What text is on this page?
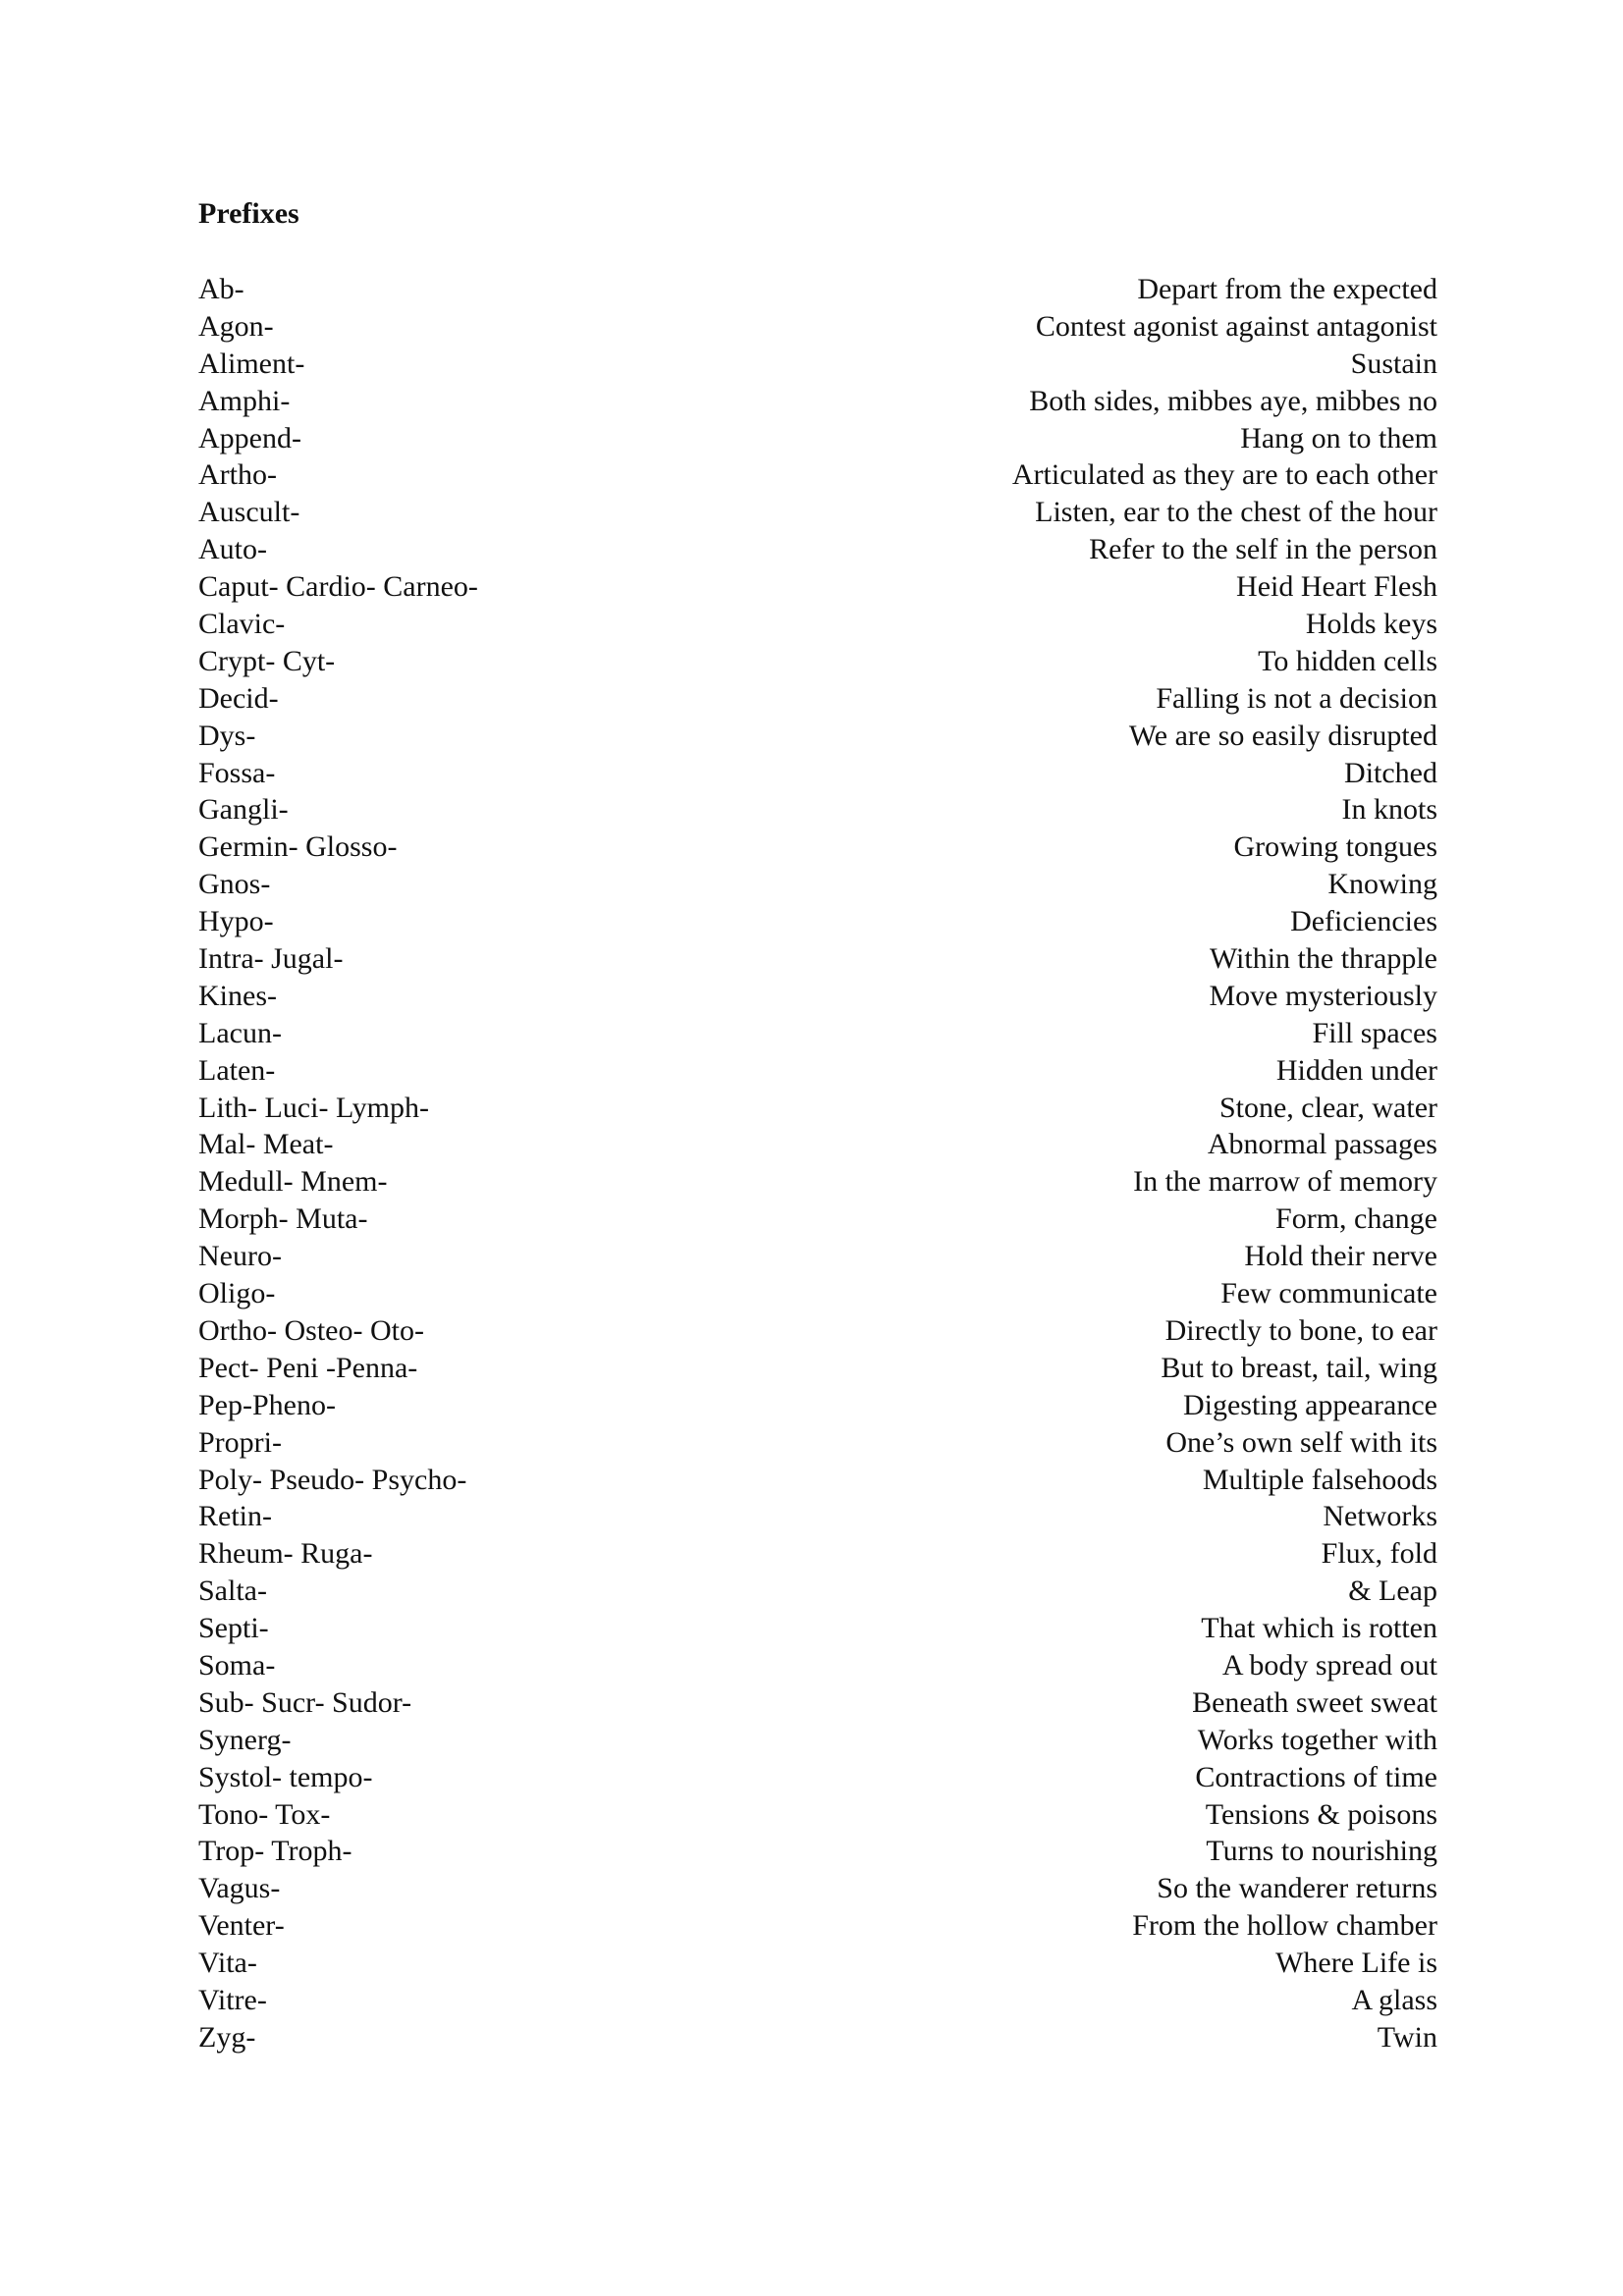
Prefixes
Ab-	Depart from the expected
Agon-	Contest agonist against antagonist
Aliment-	Sustain
Amphi-	Both sides, mibbes aye, mibbes no
Append-	Hang on to them
Artho-	Articulated as they are to each other
Auscult-	Listen, ear to the chest of the hour
Auto-	Refer to the self in the person
Caput- Cardio- Carneo-	Heid Heart Flesh
Clavic-	Holds keys
Crypt- Cyt-	To hidden cells
Decid-	Falling is not a decision
Dys-	We are so easily disrupted
Fossa-	Ditched
Gangli-	In knots
Germin- Glosso-	Growing tongues
Gnos-	Knowing
Hypo-	Deficiencies
Intra- Jugal-	Within the thrapple
Kines-	Move mysteriously
Lacun-	Fill spaces
Laten-	Hidden under
Lith- Luci- Lymph-	Stone, clear, water
Mal- Meat-	Abnormal passages
Medull- Mnem-	In the marrow of memory
Morph- Muta-	Form, change
Neuro-	Hold their nerve
Oligo-	Few communicate
Ortho- Osteo- Oto-	Directly to bone, to ear
Pect- Peni -Penna-	But to breast, tail, wing
Pep-Pheno-	Digesting appearance
Propri-	One’s own self with its
Poly- Pseudo- Psycho-	Multiple falsehoods
Retin-	Networks
Rheum- Ruga-	Flux, fold
Salta-	& Leap
Septi-	That which is rotten
Soma-	A body spread out
Sub- Sucr- Sudor-	Beneath sweet sweat
Synerg-	Works together with
Systol- tempo-	Contractions of time
Tono- Tox-	Tensions & poisons
Trop- Troph-	Turns to nourishing
Vagus-	So the wanderer returns
Venter-	From the hollow chamber
Vita-	Where Life is
Vitre-	A glass
Zyg-	Twin
